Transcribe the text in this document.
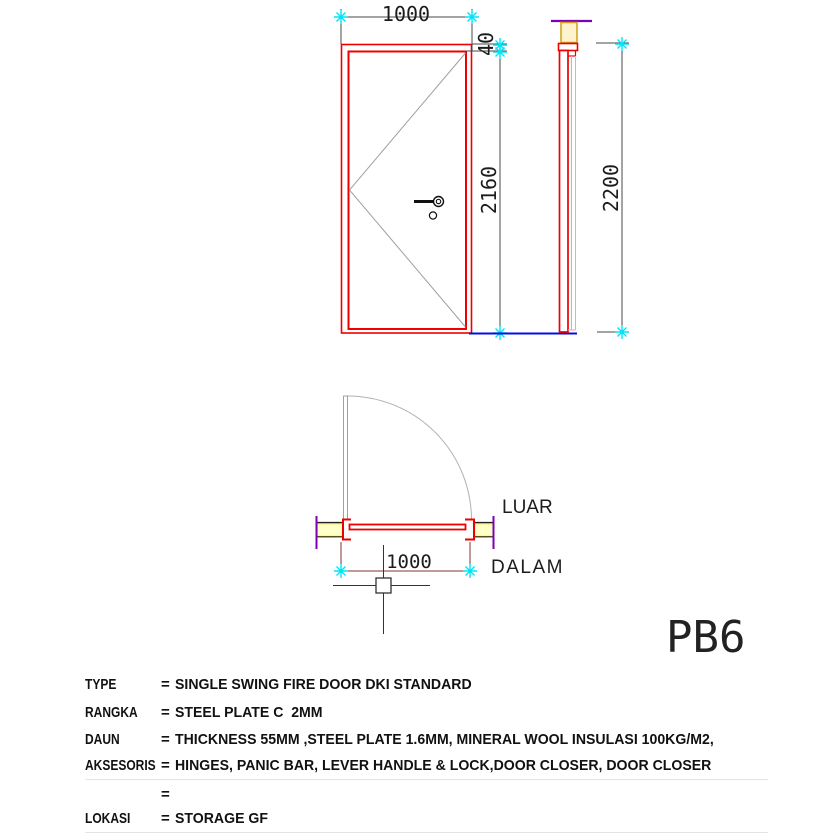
1000
40
2160	2200
1000
LUAR
DALAM
PB6
TYPE	= SINGLE SWING FIRE DOOR DKI STANDARD
RANGKA	= STEEL PLATE C  2MM
DAUN	= THICKNESS 55MM ,STEEL PLATE 1.6MM, MINERAL WOOL INSULASI 100KG/M2,
AKSESORIS = HINGES, PANIC BAR, LEVER HANDLE & LOCK,DOOR CLOSER, DOOR CLOSER
=
LOKASI	= STORAGE GF
